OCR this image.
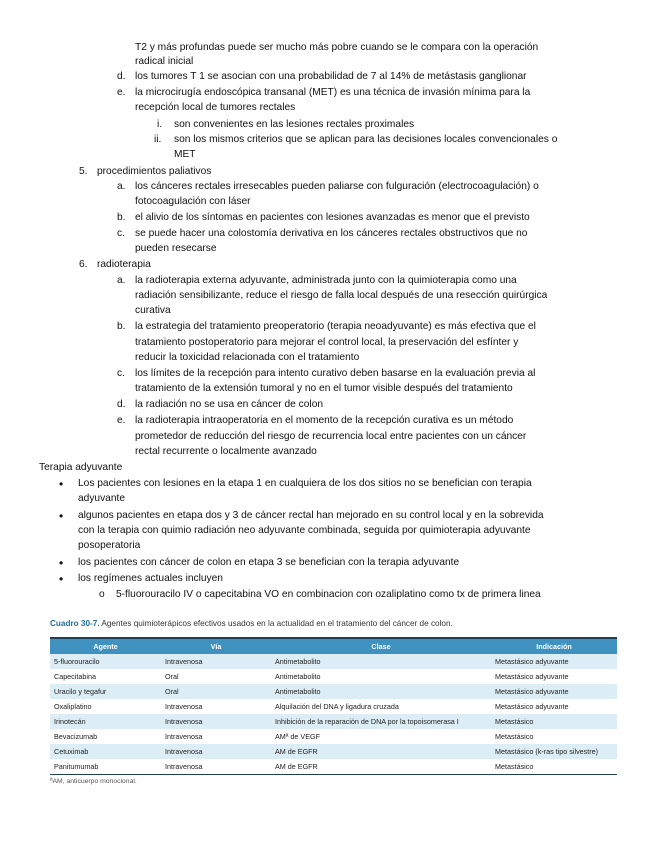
T2 y más profundas puede ser mucho más pobre cuando se le compara con la operación
radical inicial
d. los tumores T 1 se asocian con una probabilidad de 7 al 14% de metástasis ganglionar
e. la microcirugía endoscópica transanal (MET) es una técnica de invasión mínima para la
recepción local de tumores rectales
i. son convenientes en las lesiones rectales proximales
ii. son los mismos criterios que se aplican para las decisiones locales convencionales o
MET
5. procedimientos paliativos
a. los cánceres rectales irresecables pueden paliarse con fulguración (electrocoagulación) o
fotocoagulación con láser
b. el alivio de los síntomas en pacientes con lesiones avanzadas es menor que el previsto
c. se puede hacer una colostomía derivativa en los cánceres rectales obstructivos que no
pueden resecarse
6. radioterapia
a. la radioterapia externa adyuvante, administrada junto con la quimioterapia como una
radiación sensibilizante, reduce el riesgo de falla local después de una resección quirúrgica
curativa
b. la estrategia del tratamiento preoperatorio (terapia neoadyuvante) es más efectiva que el
tratamiento postoperatorio para mejorar el control local, la preservación del esfínter y
reducir la toxicidad relacionada con el tratamiento
c. los límites de la recepción para intento curativo deben basarse en la evaluación previa al
tratamiento de la extensión tumoral y no en el tumor visible después del tratamiento
d. la radiación no se usa en cáncer de colon
e. la radioterapia intraoperatoria en el momento de la recepción curativa es un método
prometedor de reducción del riesgo de recurrencia local entre pacientes con un cáncer
rectal recurrente o localmente avanzado
Terapia adyuvante
• Los pacientes con lesiones en la etapa 1 en cualquiera de los dos sitios no se benefician con terapia
adyuvante
• algunos pacientes en etapa dos y 3 de cáncer rectal han mejorado en su control local y en la sobrevida
con la terapia con quimio radiación neo adyuvante combinada, seguida por quimioterapia adyuvante
posoperatoria
• los pacientes con cáncer de colon en etapa 3 se benefician con la terapia adyuvante
• los regímenes actuales incluyen
o 5-fluorouracilo IV o capecitabina VO en combinacion con ozaliplatino como tx de primera linea
Cuadro 30-7. Agentes quimioterápicos efectivos usados en la actualidad en el tratamiento del cáncer de colon.
Agente	Vía	Clase	Indicación
5-fluorouracilo	Intravenosa	Antimetabolito	Metastásico adyuvante
Capecitabina	Oral	Antimetabolito	Metastásico adyuvante
Uracilo y tegafur	Oral	Antimetabolito	Metastásico adyuvante
Oxaliplatino	Intravenosa	Alquilación del DNA y ligadura cruzada	Metastásico adyuvante
Irinotecán	Intravenosa	Inhibición de la reparación de DNA por la topoisomerasa I	Metastásico
Bevacizumab	Intravenosa	AMª de VEGF	Metastásico
Cetuximab	Intravenosa	AM de EGFR	Metastásico (k-ras tipo silvestre)
Panitumumab	Intravenosa	AM de EGFR	Metastásico
ªAM, anticuerpo monoclonal.
